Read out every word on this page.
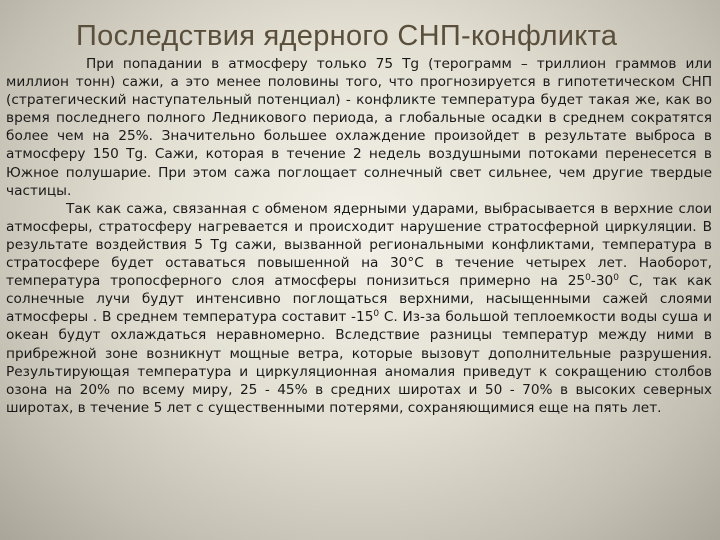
Последствия ядерного СНП-конфликта

При попадании в атмосферу только 75 Tg (терограмм – триллион граммов или миллион тонн) сажи, а это менее половины того, что прогнозируется в гипотетическом СНП (стратегический наступательный потенциал) - конфликте температура будет такая же, как во время последнего полного Ледникового периода, а глобальные осадки в среднем сократятся более чем на 25%. Значительно большее охлаждение произойдет в результате выброса в атмосферу 150 Tg. Сажи, которая в течение 2 недель воздушными потоками перенесется в Южное полушарие. При этом сажа поглощает солнечный свет сильнее, чем другие твердые частицы.

Так как сажа, связанная с обменом ядерными ударами, выбрасывается в верхние слои атмосферы, стратосферу нагревается и происходит нарушение стратосферной циркуляции. В результате воздействия 5 Tg сажи, вызванной региональными конфликтами, температура в стратосфере будет оставаться повышенной на 30°C в течение четырех лет. Наоборот, температура тропосферного слоя атмосферы понизиться примерно на $25^0-30^0$ С, так как солнечные лучи будут интенсивно поглощаться верхними, насыщенными сажей слоями атмосферы . В среднем температура составит $-15^0$ С. Из-за большой теплоемкости воды суша и океан будут охлаждаться неравномерно. Вследствие разницы температур между ними в прибрежной зоне возникнут мощные ветра, которые вызовут дополнительные разрушения. Результирующая температура и циркуляционная аномалия приведут к сокращению столбов озона на 20% по всему миру, 25 - 45% в средних широтах и 50 - 70% в высоких северных широтах, в течение 5 лет с существенными потерями, сохраняющимися еще на пять лет.
